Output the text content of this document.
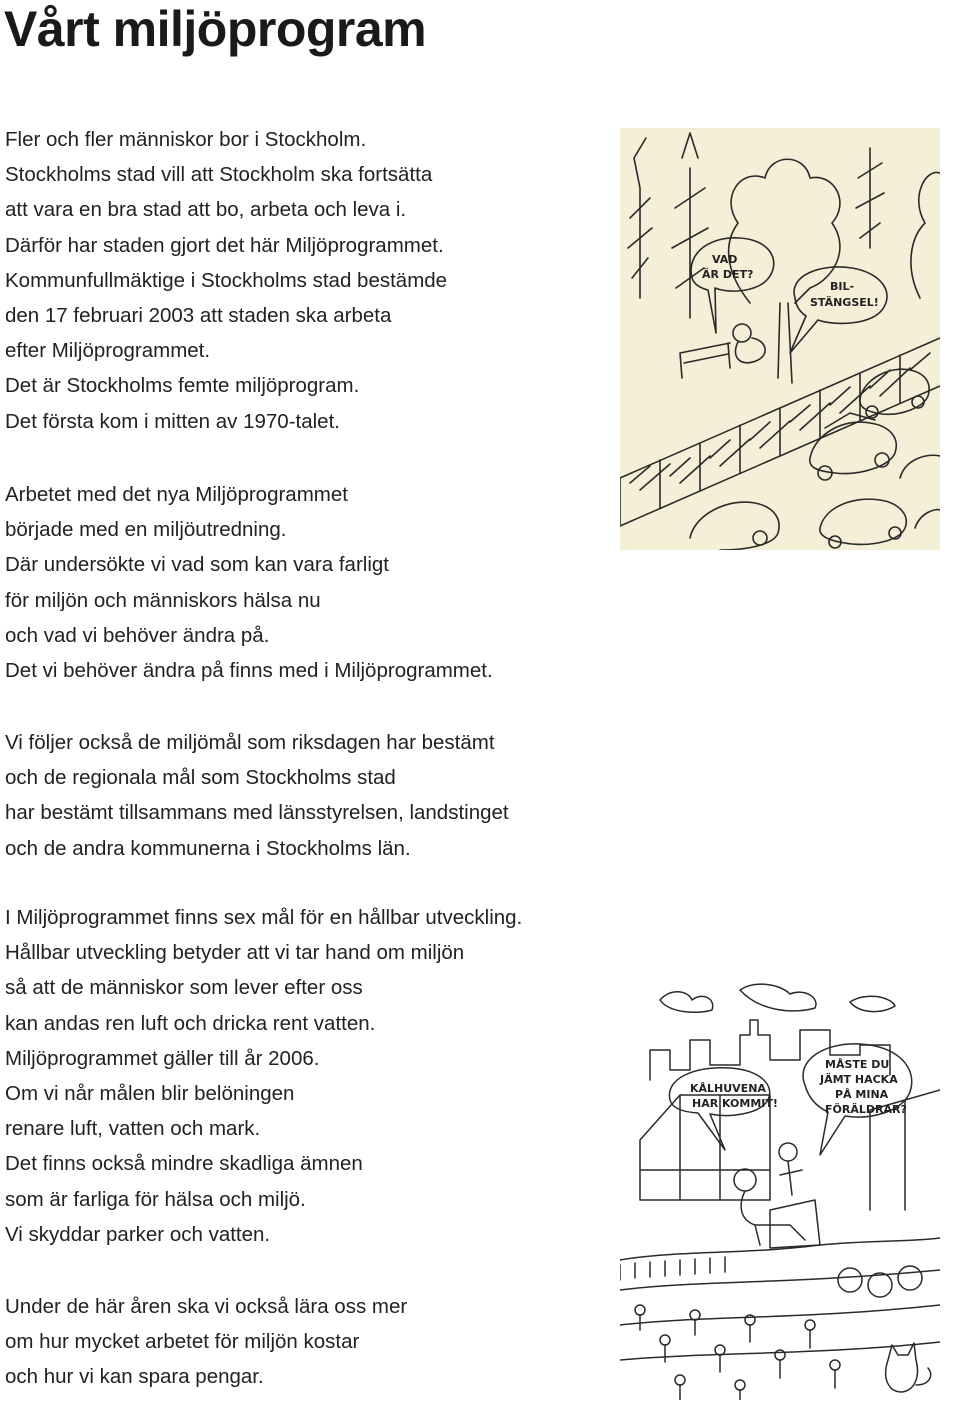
Vårt miljöprogram
Fler och fler människor bor i Stockholm.
Stockholms stad vill att Stockholm ska fortsätta
att vara en bra stad att bo, arbeta och leva i.
Därför har staden gjort det här Miljöprogrammet.
Kommunfullmäktige i Stockholms stad bestämde
den 17 februari 2003 att staden ska arbeta
efter Miljöprogrammet.
Det är Stockholms femte miljöprogram.
Det första kom i mitten av 1970-talet.
Arbetet med det nya Miljöprogrammet
började med en miljöutredning.
Där undersökte vi vad som kan vara farligt
för miljön och människors hälsa nu
och vad vi behöver ändra på.
Det vi behöver ändra på finns med i Miljöprogrammet.
Vi följer också de miljömål som riksdagen har bestämt
och de regionala mål som Stockholms stad
har bestämt tillsammans med länsstyrelsen, landstinget
och de andra kommunerna i Stockholms län.
I Miljöprogrammet finns sex mål för en hållbar utveckling.
Hållbar utveckling betyder att vi tar hand om miljön
så att de människor som lever efter oss
kan andas ren luft och dricka rent vatten.
Miljöprogrammet gäller till år 2006.
Om vi når målen blir belöningen
renare luft, vatten och mark.
Det finns också mindre skadliga ämnen
som är farliga för hälsa och miljö.
Vi skyddar parker och vatten.
Under de här åren ska vi också lära oss mer
om hur mycket arbetet för miljön kostar
och hur vi kan spara pengar.
VAD
ÄR DET?
BIL-
STÄNGSEL!
KÅLHUVENA
HAR KOMMIT!
MÅSTE DU
JÄMT HACKA
PÅ MINA
FÖRÄLDRAR?
